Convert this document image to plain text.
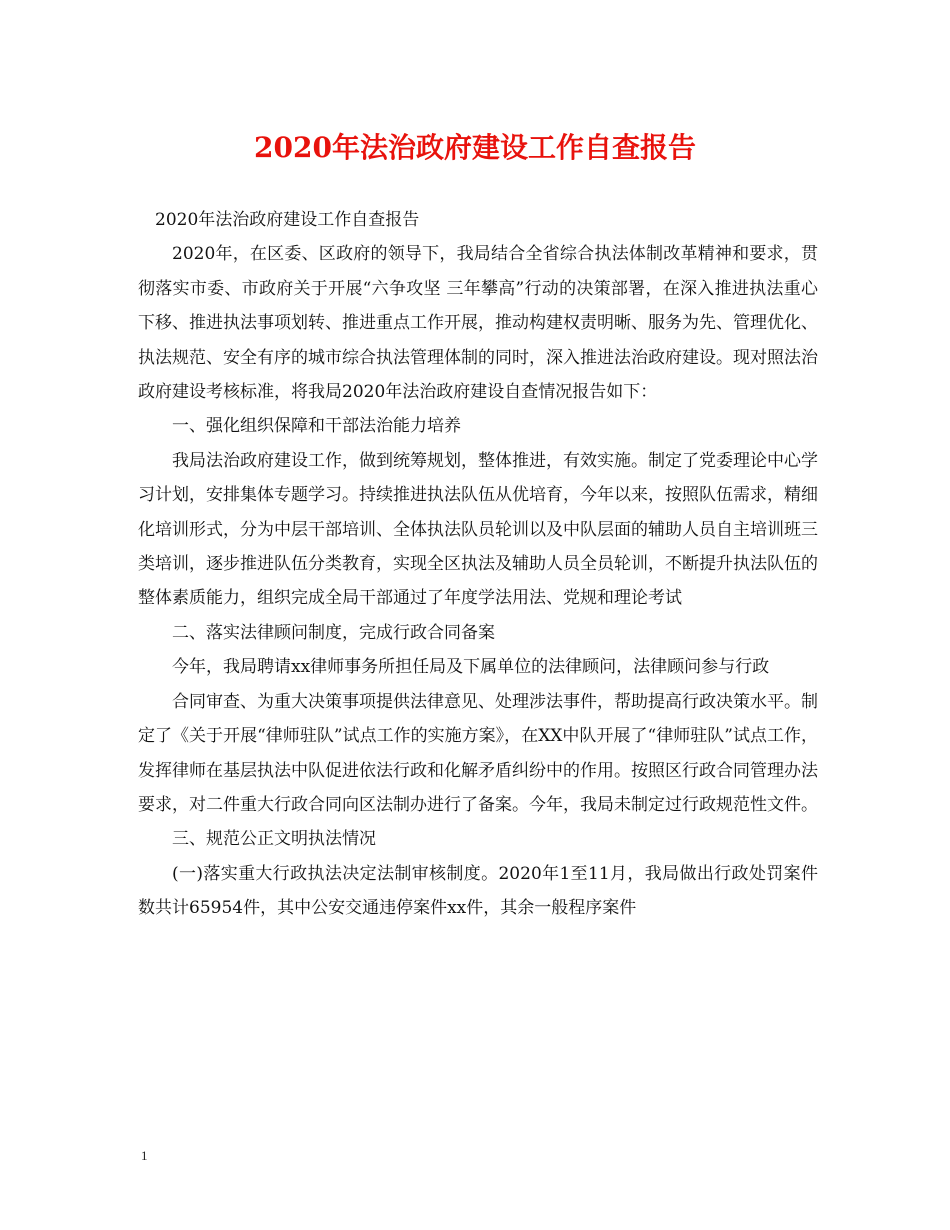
2020年法治政府建设工作自查报告

2020年法治政府建设工作自查报告

2020年，在区委、区政府的领导下，我局结合全省综合执法体制改革精神和要求，贯彻落实市委、市政府关于开展“六争攻坚 三年攀高”行动的决策部署，在深入推进执法重心下移、推进执法事项划转、推进重点工作开展，推动构建权责明晰、服务为先、管理优化、执法规范、安全有序的城市综合执法管理体制的同时，深入推进法治政府建设。现对照法治政府建设考核标准，将我局2020年法治政府建设自查情况报告如下：

一、强化组织保障和干部法治能力培养

我局法治政府建设工作，做到统筹规划，整体推进，有效实施。制定了党委理论中心学习计划，安排集体专题学习。持续推进执法队伍从优培育，今年以来，按照队伍需求，精细化培训形式，分为中层干部培训、全体执法队员轮训以及中队层面的辅助人员自主培训班三类培训，逐步推进队伍分类教育，实现全区执法及辅助人员全员轮训，不断提升执法队伍的整体素质能力，组织完成全局干部通过了年度学法用法、党规和理论考试

二、落实法律顾问制度，完成行政合同备案

今年，我局聘请xx律师事务所担任局及下属单位的法律顾问，法律顾问参与行政

合同审查、为重大决策事项提供法律意见、处理涉法事件，帮助提高行政决策水平。制定了《关于开展“律师驻队”试点工作的实施方案》，在XX中队开展了“律师驻队”试点工作，发挥律师在基层执法中队促进依法行政和化解矛盾纠纷中的作用。按照区行政合同管理办法要求，对二件重大行政合同向区法制办进行了备案。今年，我局未制定过行政规范性文件。

三、规范公正文明执法情况

(一)落实重大行政执法决定法制审核制度。2020年1至11月，我局做出行政处罚案件数共计65954件，其中公安交通违停案件xx件，其余一般程序案件

1
